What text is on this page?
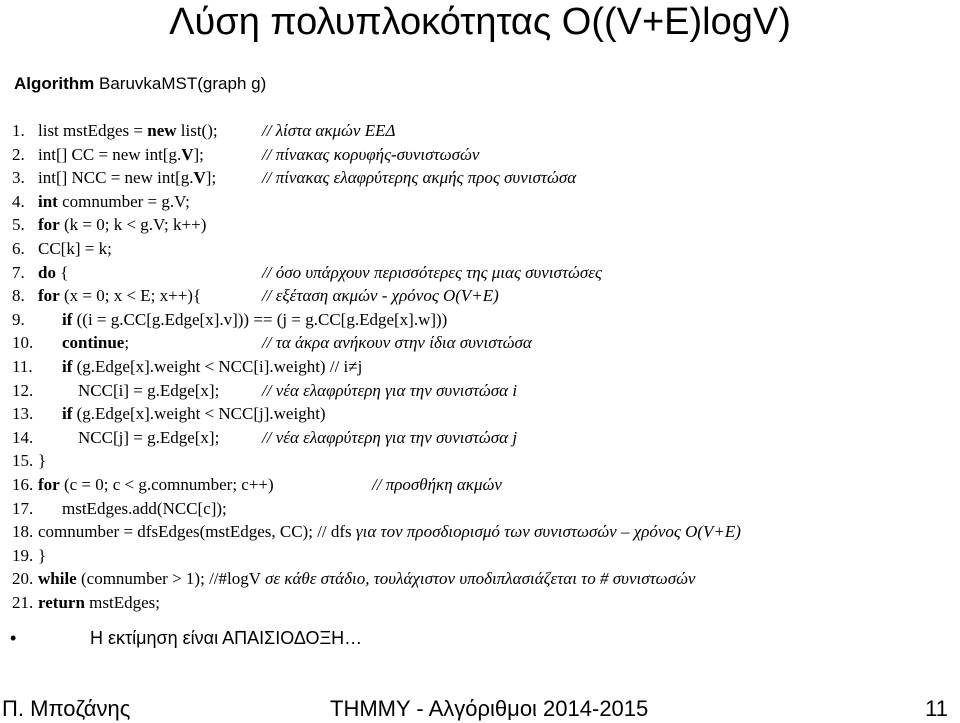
Λύση πολυπλοκότητας O((V+E)logV)
Algorithm BaruvkaMST(graph g)
1. list mstEdges = new list();	// λίστα ακμών ΕΕΔ
2. int[] CC = new int[g.V];	// πίνακας κορυφής-συνιστωσών
3. int[] NCC = new int[g.V];	// πίνακας ελαφρύτερης ακμής προς συνιστώσα
4. int comnumber = g.V;
5. for (k = 0; k < g.V; k++)
6. CC[k] = k;
7. do {	// όσο υπάρχουν περισσότερες της μιας συνιστώσες
8. for (x = 0; x < E; x++){	// εξέταση ακμών - χρόνος O(V+E)
9. if ((i = g.CC[g.Edge[x].v])) == (j = g.CC[g.Edge[x].w]))
10. continue;	// τα άκρα ανήκουν στην ίδια συνιστώσα
11. if (g.Edge[x].weight < NCC[i].weight) // i≠j
12.	NCC[i] = g.Edge[x];	// νέα ελαφρύτερη για την συνιστώσα i
13. if (g.Edge[x].weight < NCC[j].weight)
14.	NCC[j] = g.Edge[x];	// νέα ελαφρύτερη για την συνιστώσα j
15. }
16. for (c = 0; c < g.comnumber; c++)	// προσθήκη ακμών
17. mstEdges.add(NCC[c]);
18. comnumber = dfsEdges(mstEdges, CC); // dfs για τον προσδιορισμό των συνιστωσών – χρόνος O(V+E)
19. }
20. while (comnumber > 1); //#logV σε κάθε στάδιο, τουλάχιστον υποδιπλασιάζεται το # συνιστωσών
21. return mstEdges;
•	Η εκτίμηση είναι ΑΠΑΙΣΙΟΔΟΞΗ…
Π. Μποζάνης	ΤΗΜΜΥ - Αλγόριθμοι 2014-2015	11
